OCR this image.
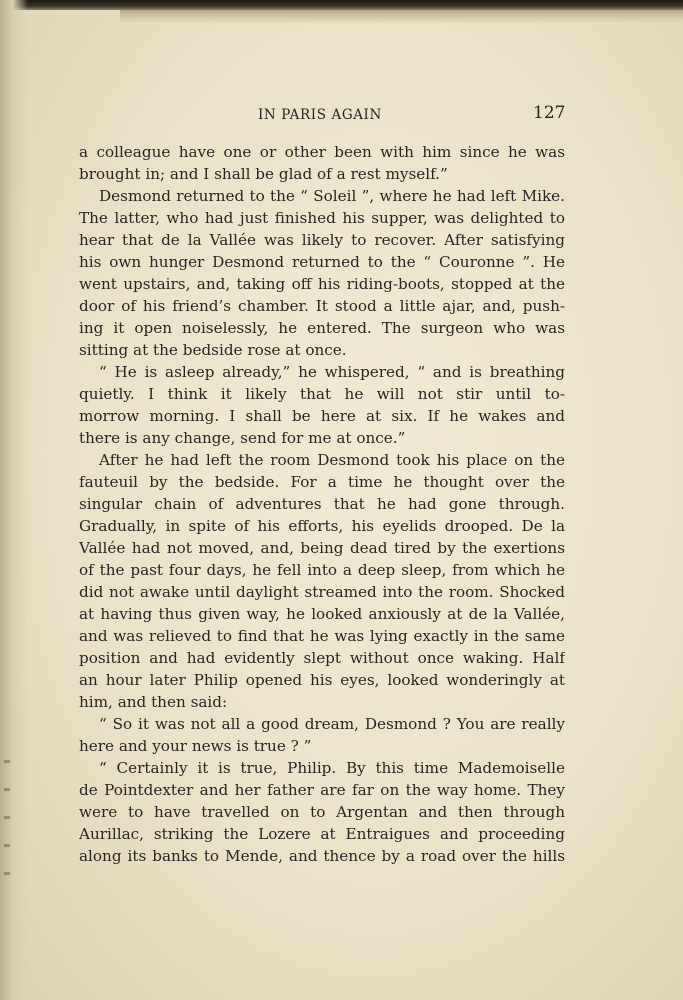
IN PARIS AGAIN	127
a colleague have one or other been with him since he was
brought in; and I shall be glad of a rest myself.”
Desmond returned to the “ Soleil ”, where he had left Mike.
The latter, who had just finished his supper, was delighted to
hear that de la Vallée was likely to recover. After satisfying
his own hunger Desmond returned to the “ Couronne ”. He
went upstairs, and, taking off his riding-boots, stopped at the
door of his friend’s chamber. It stood a little ajar, and, push-
ing it open noiselessly, he entered. The surgeon who was
sitting at the bedside rose at once.
“ He is asleep already,” he whispered, “ and is breathing
quietly. I think it likely that he will not stir until to-
morrow morning. I shall be here at six. If he wakes and
there is any change, send for me at once.”
After he had left the room Desmond took his place on the
fauteuil by the bedside. For a time he thought over the
singular chain of adventures that he had gone through.
Gradually, in spite of his efforts, his eyelids drooped. De la
Vallée had not moved, and, being dead tired by the exertions
of the past four days, he fell into a deep sleep, from which he
did not awake until daylight streamed into the room. Shocked
at having thus given way, he looked anxiously at de la Vallée,
and was relieved to find that he was lying exactly in the same
position and had evidently slept without once waking. Half
an hour later Philip opened his eyes, looked wonderingly at
him, and then said:
“ So it was not all a good dream, Desmond ? You are really
here and your news is true ? ”
“ Certainly it is true, Philip. By this time Mademoiselle
de Pointdexter and her father are far on the way home. They
were to have travelled on to Argentan and then through
Aurillac, striking the Lozere at Entraigues and proceeding
along its banks to Mende, and thence by a road over the hills
